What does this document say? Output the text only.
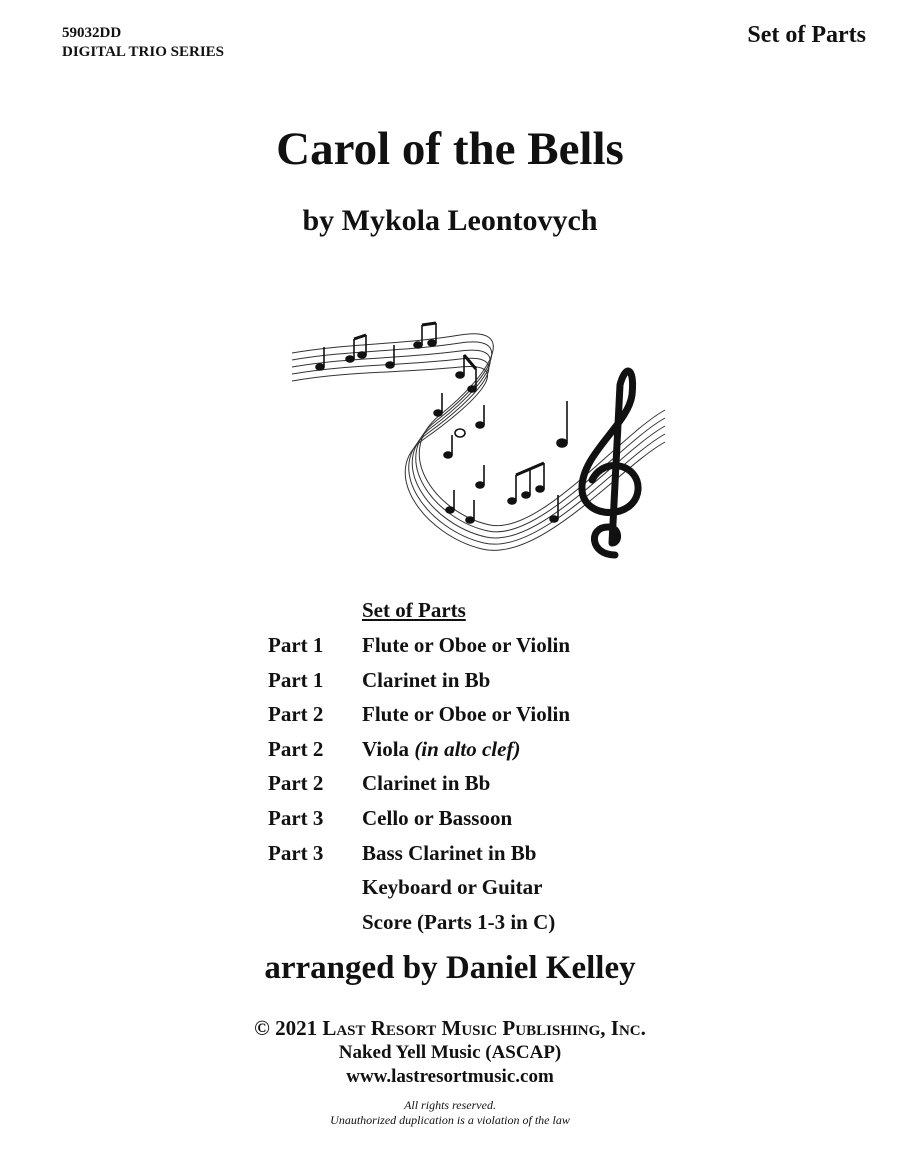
59032DD
DIGITAL TRIO SERIES
Set of Parts
Carol of the Bells
by Mykola Leontovych
Set of Parts
Part 1	Flute or Oboe or Violin
Part 1	Clarinet in Bb
Part 2	Flute or Oboe or Violin
Part 2	Viola (in alto clef)
Part 2	Clarinet in Bb
Part 3	Cello or Bassoon
Part 3	Bass Clarinet in Bb
Keyboard or Guitar
Score (Parts 1-3 in C)
arranged by Daniel Kelley
© 2021 Last Resort Music Publishing, Inc.
Naked Yell Music (ASCAP)
www.lastresortmusic.com
All rights reserved.
Unauthorized duplication is a violation of the law
